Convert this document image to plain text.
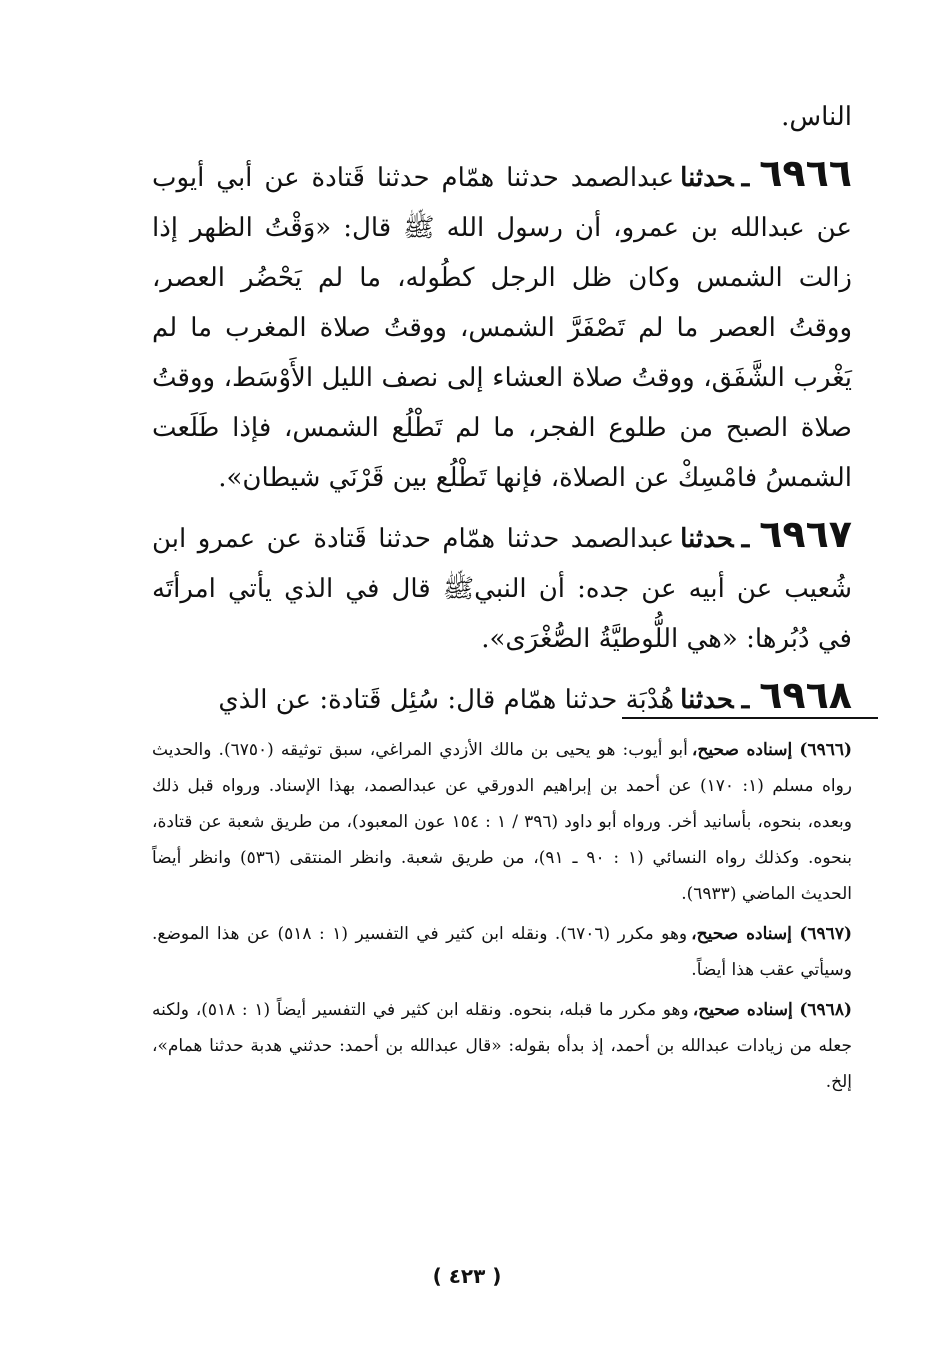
الناس.

٦٩٦٦ـحدثناعبدالصمد حدثنا همّام حدثنا قَتادة عن أبي أيوب عن عبدالله بن عمرو، أن رسول الله ﷺ قال: «وَقْتُ الظهر إذا زالت الشمس وكان ظل الرجل كطُوله، ما لم يَحْضُر العصر، ووقتُ العصر ما لم تَصْفَرَّ الشمس، ووقتُ صلاة المغرب ما لم يَغْرب الشَّفَق، ووقتُ صلاة العشاء إلى نصف الليل الأَوْسَط، ووقتُ صلاة الصبح من طلوع الفجر، ما لم تَطْلُع الشمس، فإذا طَلَعت الشمسُ فامْسِكْ عن الصلاة، فإنها تَطْلُع بين قَرْنَي شيطان».

٦٩٦٧ـحدثناعبدالصمد حدثنا همّام حدثنا قَتادة عن عمرو ابن شُعيب عن أبيه عن جده: أن النبيﷺ قال في الذي يأتي امرأتَه في دُبُرها: «هي اللُّوطيَّةُ الصُّغْرَى».

٦٩٦٨ـحدثناهُدْبَة حدثنا همّام قال: سُئِل قَتادة: عن الذي

(٦٩٦٦) إسناده صحيح،أبو أيوب: هو يحيى بن مالك الأزدي المراغي، سبق توثيقه (٦٧٥٠). والحديث رواه مسلم (١: ١٧٠) عن أحمد بن إبراهيم الدورقي عن عبدالصمد، بهذا الإسناد. ورواه قبل ذلك وبعده، بنحوه، بأسانيد أخر. ورواه أبو داود (٣٩٦ / ١ : ١٥٤ عون المعبود)، من طريق شعبة عن قتادة، بنحوه. وكذلك رواه النسائي (١ : ٩٠ ـ ٩١)، من طريق شعبة. وانظر المنتقى (٥٣٦) وانظر أيضاً الحديث الماضي (٦٩٣٣).

(٦٩٦٧) إسناده صحيح،وهو مكرر (٦٧٠٦). ونقله ابن كثير في التفسير (١ : ٥١٨) عن هذا الموضع. وسيأتي عقب هذا أيضاً.

(٦٩٦٨) إسناده صحيح،وهو مكرر ما قبله، بنحوه. ونقله ابن كثير في التفسير أيضاً (١ : ٥١٨)، ولكنه جعله من زيادات عبدالله بن أحمد، إذ بدأه بقوله: «قال عبدالله بن أحمد: حدثني هدبة حدثنا همام»، إلخ.

( ٤٢٣ )
